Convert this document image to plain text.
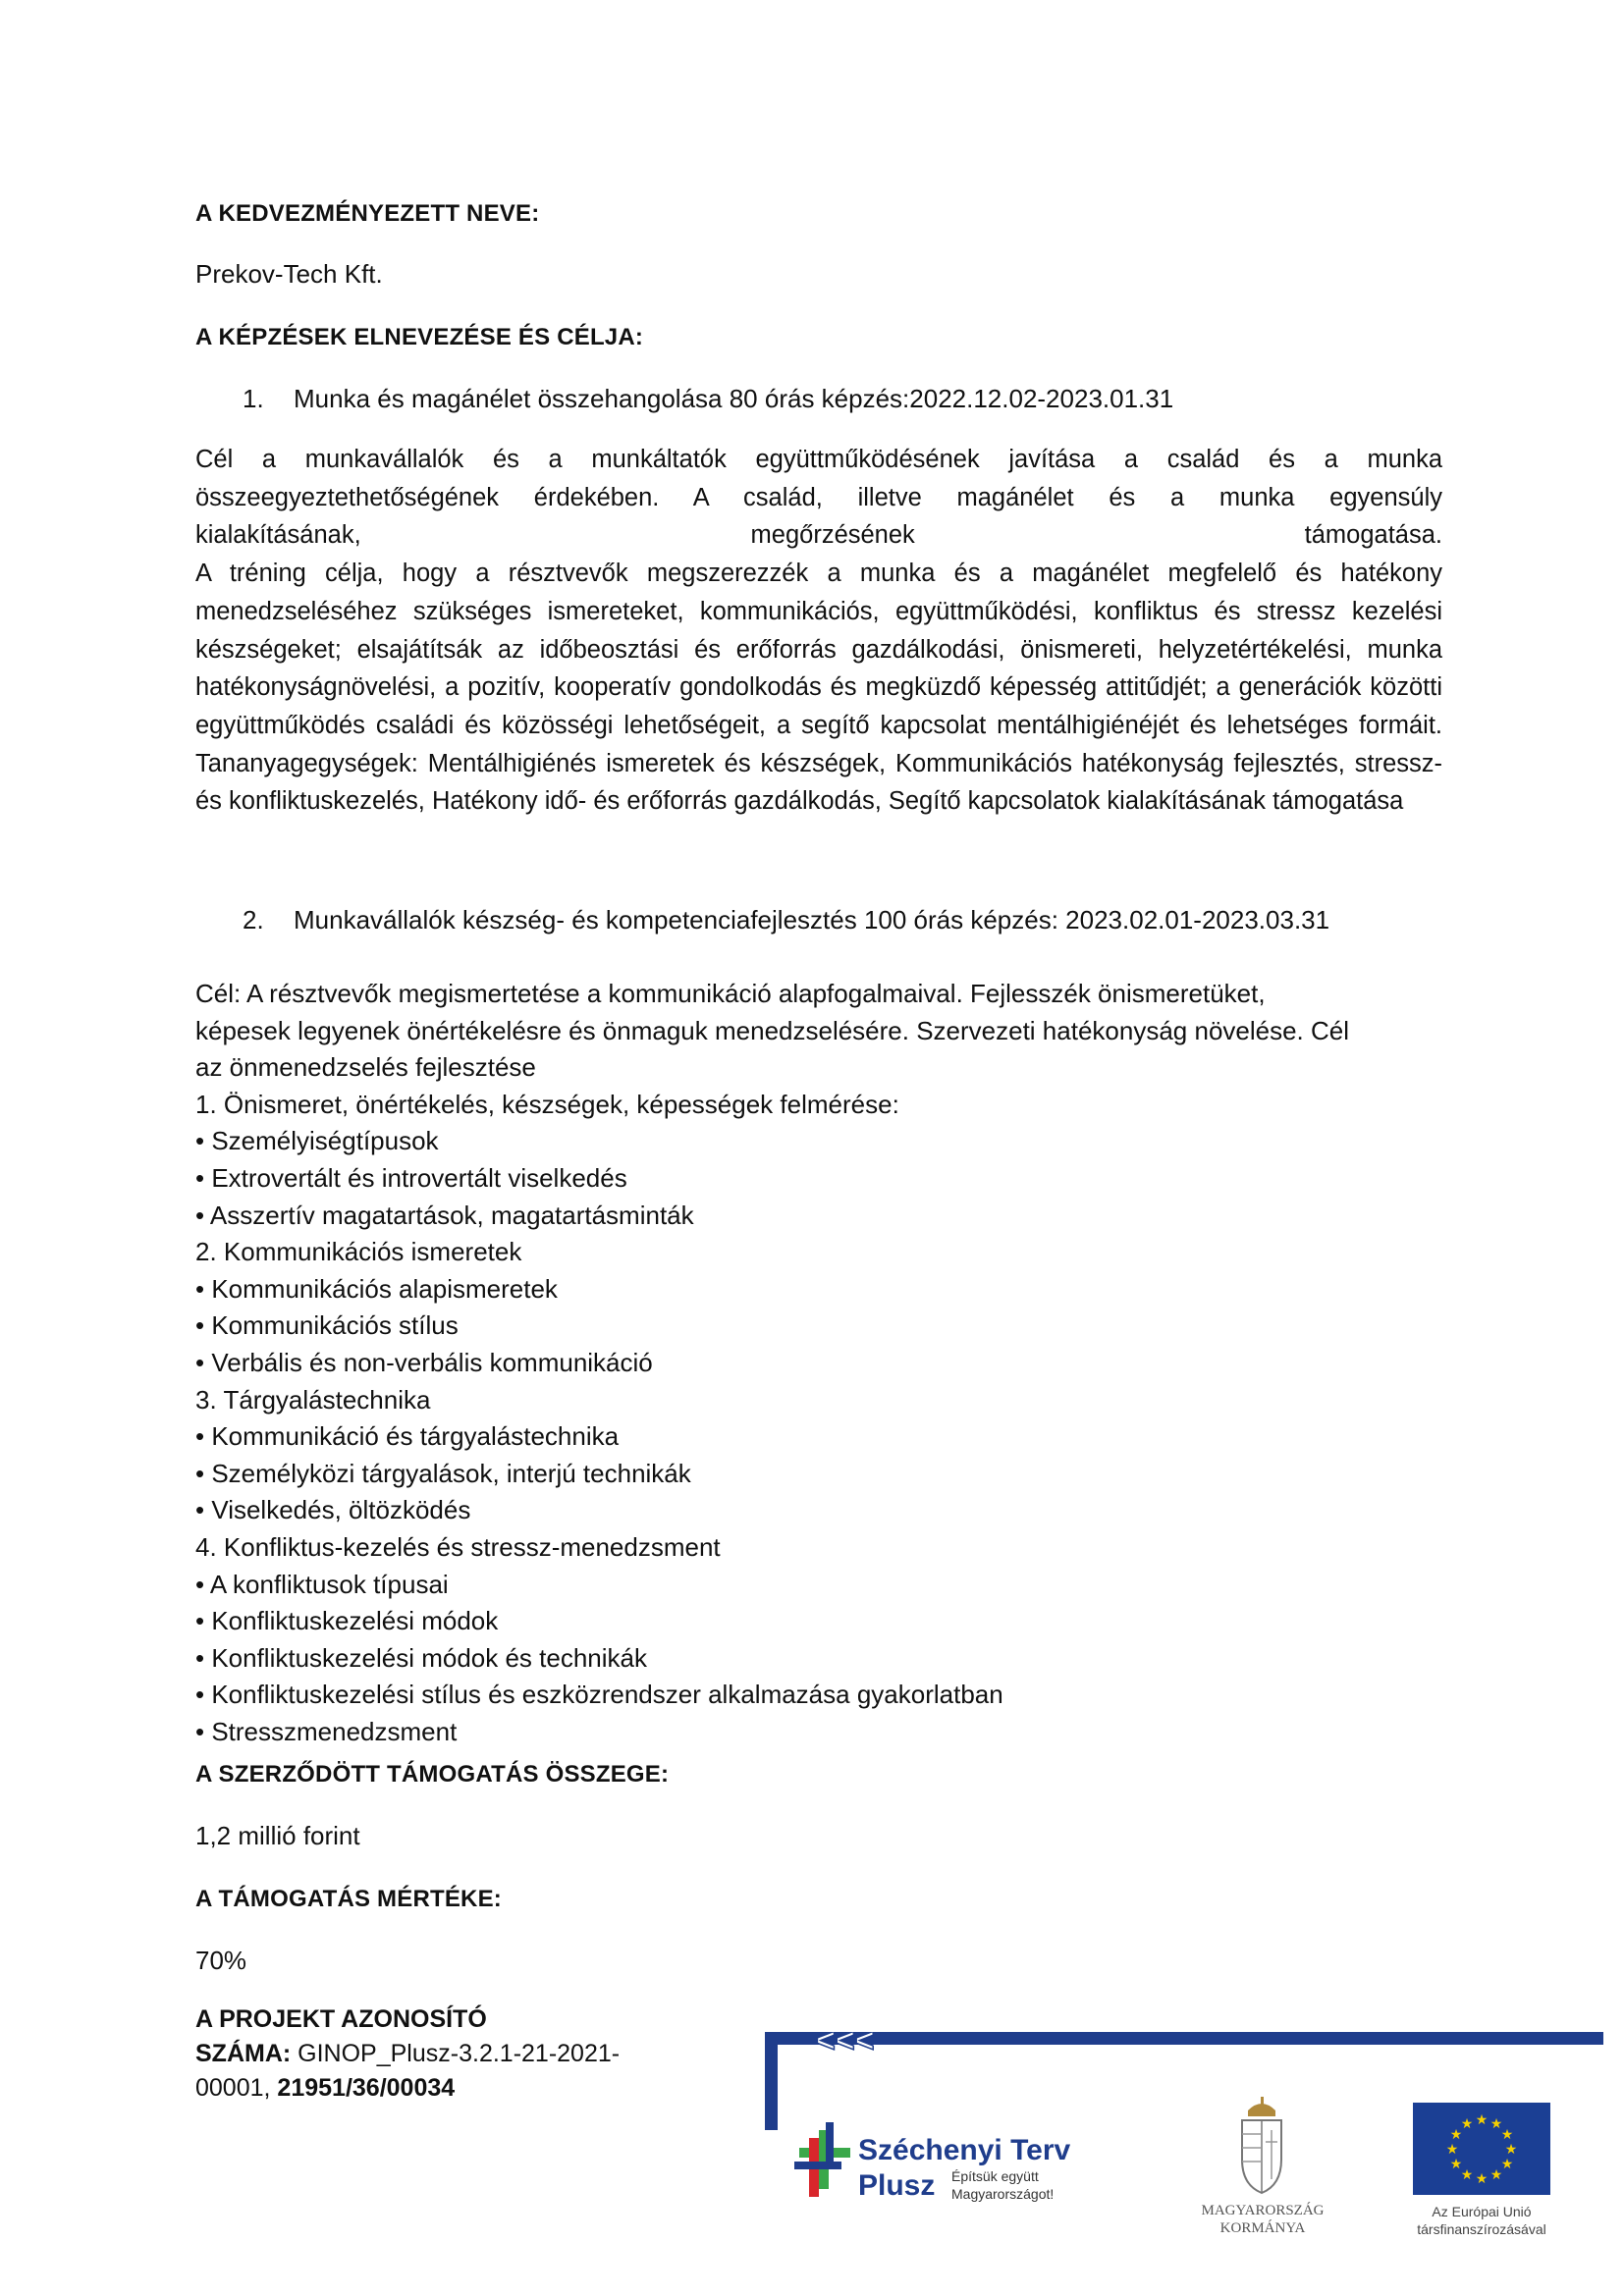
A KEDVEZMÉNYEZETT NEVE:
Prekov-Tech Kft.
A KÉPZÉSEK ELNEVEZÉSE ÉS CÉLJA:
1. Munka és magánélet összehangolása 80 órás képzés:2022.12.02-2023.01.31

Cél a munkavállalók és a munkáltatók együttműködésének javítása a család és a munka

összeegyeztethetőségének érdekében. A család, illetve magánélet és a munka egyensúly

kialakításának, megőrzésének támogatása.

A tréning célja, hogy a résztvevők megszerezzék a munka és a magánélet megfelelő és hatékony menedzseléséhez szükséges ismereteket, kommunikációs, együttműködési, konfliktus és stressz kezelési készségeket; elsajátítsák az időbeosztási és erőforrás gazdálkodási, önismereti, helyzetértékelési, munka hatékonyságnövelési, a pozitív, kooperatív gondolkodás és megküzdő képesség attitűdjét; a generációk közötti együttműködés családi és közösségi lehetőségeit, a segítő kapcsolat mentálhigiénéjét és lehetséges formáit. Tananyagegységek: Mentálhigiénés ismeretek és készségek, Kommunikációs hatékonyság fejlesztés, stressz- és konfliktuskezelés, Hatékony idő- és erőforrás gazdálkodás, Segítő kapcsolatok kialakításának támogatása

2. Munkavállalók készség- és kompetenciafejlesztés 100 órás képzés: 2023.02.01-2023.03.31
Cél: A résztvevők megismertetése a kommunikáció alapfogalmaival. Fejlesszék önismeretüket,
képesek legyenek önértékelésre és önmaguk menedzselésére. Szervezeti hatékonyság növelése. Cél
az önmenedzselés fejlesztése
1. Önismeret, önértékelés, készségek, képességek felmérése:
• Személyiségtípusok
• Extrovertált és introvertált viselkedés
• Asszertív magatartások, magatartásminták
2. Kommunikációs ismeretek
• Kommunikációs alapismeretek
• Kommunikációs stílus
• Verbális és non-verbális kommunikáció
3. Tárgyalástechnika
• Kommunikáció és tárgyalástechnika
• Személyközi tárgyalások, interjú technikák
• Viselkedés, öltözködés
4. Konfliktus-kezelés és stressz-menedzsment
• A konfliktusok típusai
• Konfliktuskezelési módok
• Konfliktuskezelési módok és technikák
• Konfliktuskezelési stílus és eszközrendszer alkalmazása gyakorlatban
• Stresszmenedzsment
A SZERZŐDÖTT TÁMOGATÁS ÖSSZEGE:
1,2 millió forint
A TÁMOGATÁS MÉRTÉKE:
70%
A PROJEKT AZONOSÍTÓ
SZÁMA: GINOP_Plusz-3.2.1-21-2021-
00001, 21951/36/00034
<<<
Széchenyi Terv
Plusz Építsük együtt
Magyarországot!
MAGYARORSZÁG
KORMÁNYA
★ ★
★
★
★
★
★
★
★
★
★
★
Az Európai Unió
társfinanszírozásával
